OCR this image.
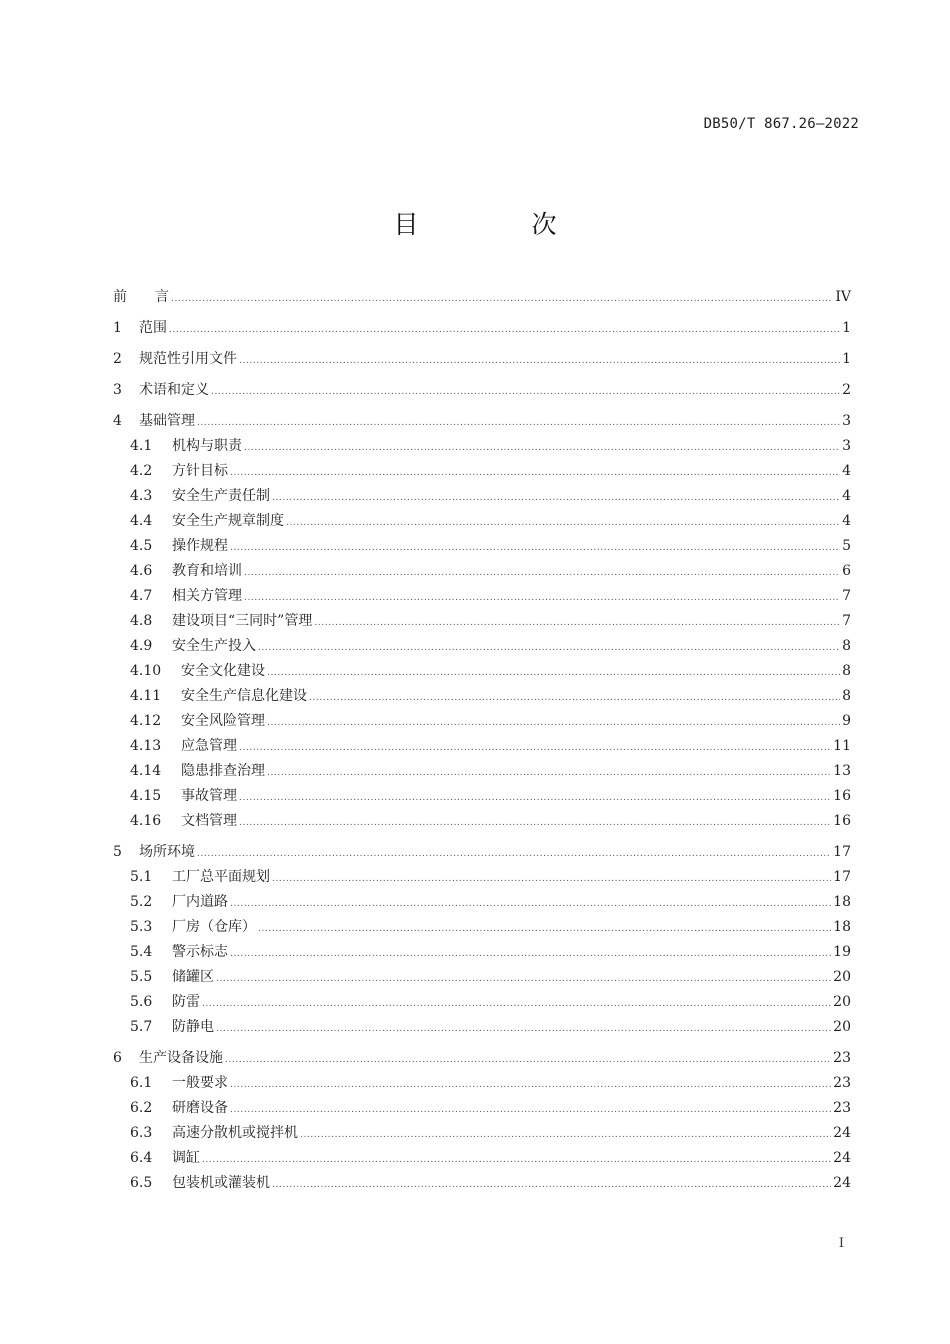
DB50/T 867.26—2022
目　次
前　　言 .....	IV
1	范围 .....	1
2	规范性引用文件 .....	1
3	术语和定义 .....	2
4	基础管理 .....	3
4.1	机构与职责 .....	3
4.2	方针目标 .....	4
4.3	安全生产责任制 .....	4
4.4	安全生产规章制度 .....	4
4.5	操作规程 .....	5
4.6	教育和培训 .....	6
4.7	相关方管理 .....	7
4.8	建设项目“三同时”管理 .....	7
4.9	安全生产投入 .....	8
4.10	安全文化建设 .....	8
4.11	安全生产信息化建设 .....	8
4.12	安全风险管理 .....	9
4.13	应急管理 .....	11
4.14	隐患排查治理 .....	13
4.15	事故管理 .....	16
4.16	文档管理 .....	16
5	场所环境 .....	17
5.1	工厂总平面规划 .....	17
5.2	厂内道路 .....	18
5.3	厂房（仓库） .....	18
5.4	警示标志 .....	19
5.5	储罐区 .....	20
5.6	防雷 .....	20
5.7	防静电 .....	20
6	生产设备设施 .....	23
6.1	一般要求 .....	23
6.2	研磨设备 .....	23
6.3	高速分散机或搅拌机 .....	24
6.4	调缸 .....	24
6.5	包装机或灌装机 .....	24
I
